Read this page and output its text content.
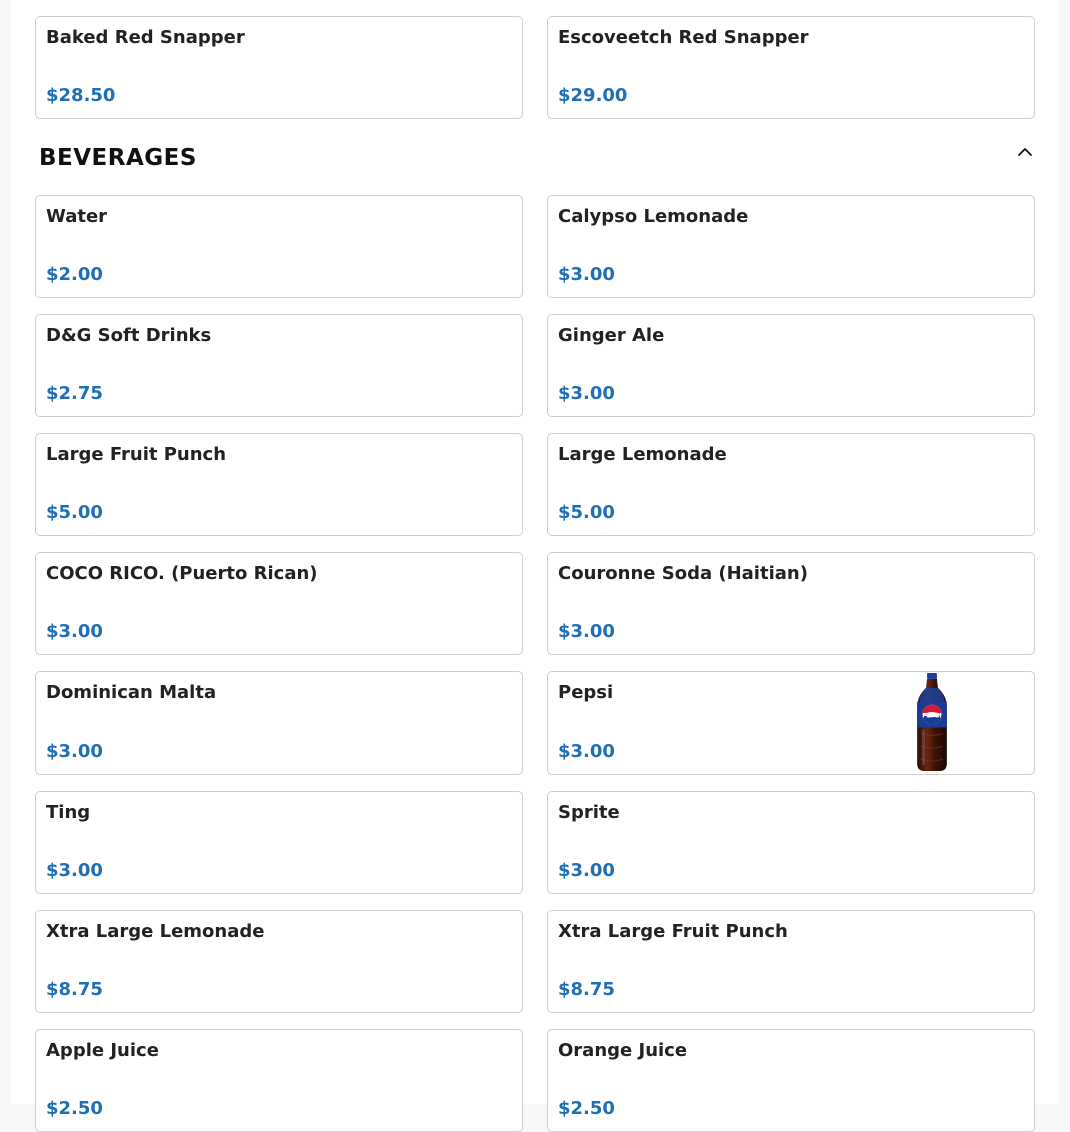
Baked Red Snapper
$28.50
Escoveetch Red Snapper
$29.00
BEVERAGES
Water
$2.00
Calypso Lemonade
$3.00
D&G Soft Drinks
$2.75
Ginger Ale
$3.00
Large Fruit Punch
$5.00
Large Lemonade
$5.00
COCO RICO. (Puerto Rican)
$3.00
Couronne Soda (Haitian)
$3.00
Dominican Malta
$3.00
Pepsi
$3.00
PEPSI
Ting
$3.00
Sprite
$3.00
Xtra Large Lemonade
$8.75
Xtra Large Fruit Punch
$8.75
Apple Juice
$2.50
Orange Juice
$2.50
